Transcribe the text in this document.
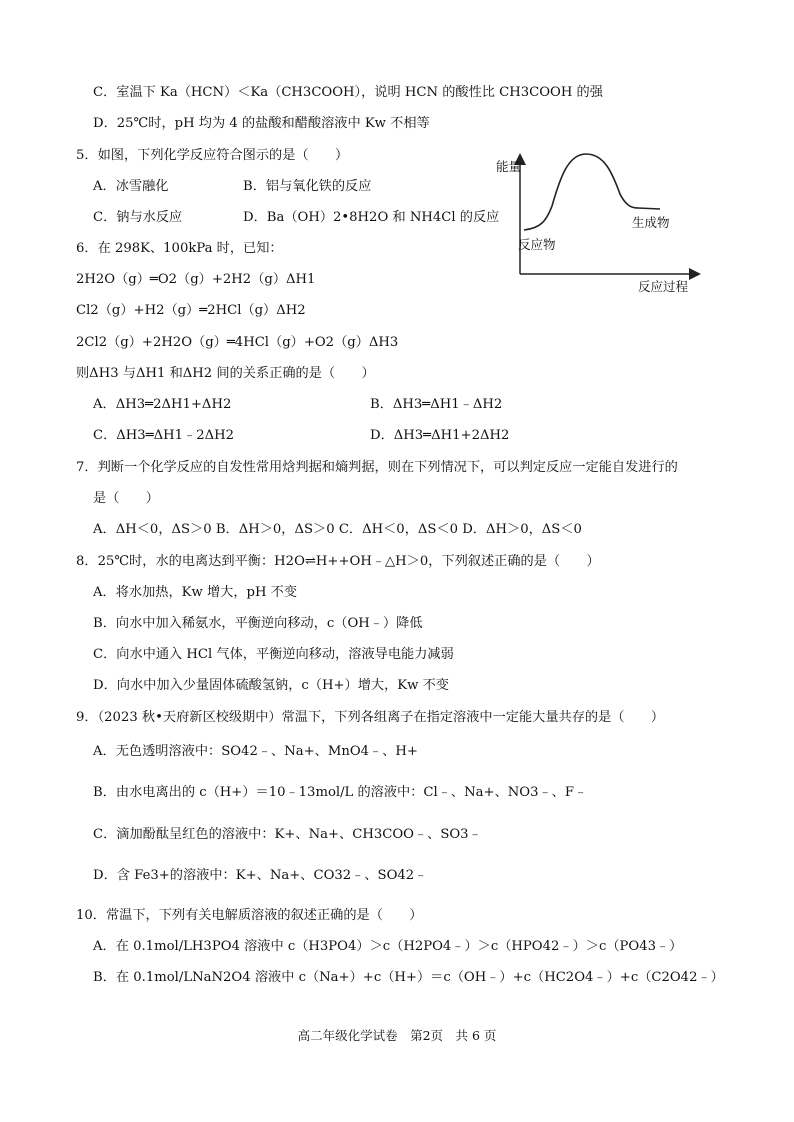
C．室温下 Ka（HCN）＜Ka（CH3COOH），说明 HCN 的酸性比 CH3COOH 的强
D．25℃时，pH 均为 4 的盐酸和醋酸溶液中 Kw 不相等
5．如图，下列化学反应符合图示的是（　　）
A．冰雪融化	B．铝与氧化铁的反应
C．钠与水反应	D．Ba（OH）2•8H2O 和 NH4Cl 的反应
能量
反应过程
反应物
生成物
6．在 298K、100kPa 时，已知：
2H2O（g）═O2（g）+2H2（g）ΔH1
Cl2（g）+H2（g）═2HCl（g）ΔH2
2Cl2（g）+2H2O（g）═4HCl（g）+O2（g）ΔH3
则ΔH3 与ΔH1 和ΔH2 间的关系正确的是（　　）
A．ΔH3═2ΔH1+ΔH2	B．ΔH3═ΔH1﹣ΔH2
C．ΔH3═ΔH1﹣2ΔH2	D．ΔH3═ΔH1+2ΔH2
7．判断一个化学反应的自发性常用焓判据和熵判据，则在下列情况下，可以判定反应一定能自发进行的
是（　　）
A．ΔH＜0，ΔS＞0 B．ΔH＞0，ΔS＞0 C．ΔH＜0，ΔS＜0 D．ΔH＞0，ΔS＜0
8．25℃时，水的电离达到平衡：H2O⇌H++OH﹣△H＞0，下列叙述正确的是（　　）
A．将水加热，Kw 增大，pH 不变
B．向水中加入稀氨水，平衡逆向移动，c（OH﹣）降低
C．向水中通入 HCl 气体，平衡逆向移动，溶液导电能力减弱
D．向水中加入少量固体硫酸氢钠，c（H+）增大，Kw 不变
9．（2023 秋•天府新区校级期中）常温下，下列各组离子在指定溶液中一定能大量共存的是（　　）
A．无色透明溶液中：SO42﹣、Na+、MnO4﹣、H+
B．由水电离出的 c（H+）＝10﹣13mol/L 的溶液中：Cl﹣、Na+、NO3﹣、F﹣
C．滴加酚酞呈红色的溶液中：K+、Na+、CH3COO﹣、SO3﹣
D．含 Fe3+的溶液中：K+、Na+、CO32﹣、SO42﹣
10．常温下，下列有关电解质溶液的叙述正确的是（　　）
A．在 0.1mol/LH3PO4 溶液中 c（H3PO4）＞c（H2PO4﹣）＞c（HPO42﹣）＞c（PO43﹣）
B．在 0.1mol/LNaN2O4 溶液中 c（Na+）+c（H+）＝c（OH﹣）+c（HC2O4﹣）+c（C2O42﹣）
高二年级化学试卷　第2页　共 6 页
